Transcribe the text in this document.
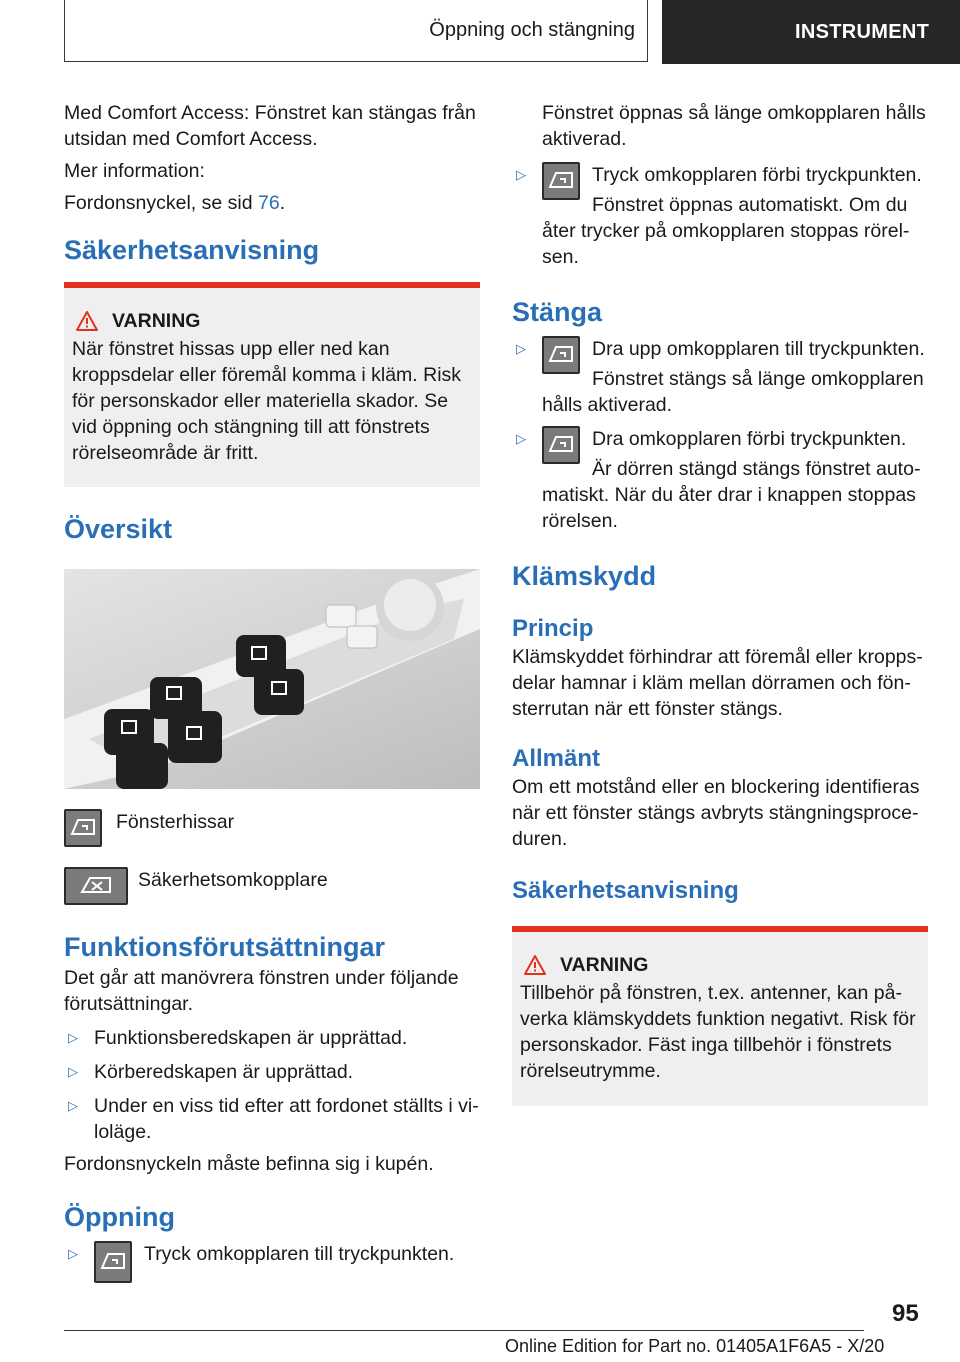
Öppning och stängning	INSTRUMENT

Med Comfort Access: Fönstret kan stängas från utsidan med Comfort Access.

Mer information:

Fordonsnyckel, se sid 76.

Säkerhetsanvisning
VARNING

När fönstret hissas upp eller ned kan kroppsdelar eller föremål komma i kläm. Risk för personskador eller materiella skador. Se vid öppning och stängning till att fönstrets rörelseområde är fritt.

Översikt

Fönsterhissar

Säkerhetsomkopplare

Funktionsförutsättningar

Det går att manövrera fönstren under följande förutsättningar.

▷ Funktionsberedskapen är upprättad.

▷ Körberedskapen är upprättad.

▷ Under en viss tid efter att fordonet ställts i viloläge.

Fordonsnyckeln måste befinna sig i kupén.

Öppning
▷	Tryck omkopplaren till tryckpunkten.

Fönstret öppnas så länge omkopplaren hålls aktiverad.

▷	Tryck omkopplaren förbi tryckpunkten.

Fönstret öppnas automatiskt. Om du åter trycker på omkopplaren stoppas rörelsen.

Stänga
▷	Dra upp omkopplaren till tryckpunkten.

Fönstret stängs så länge omkopplaren hålls aktiverad.

▷	Dra omkopplaren förbi tryckpunkten.

Är dörren stängd stängs fönstret automatiskt. När du åter drar i knappen stoppas rörelsen.

Klämskydd
Princip

Klämskyddet förhindrar att föremål eller kroppsdelar hamnar i kläm mellan dörramen och fönsterrutan när ett fönster stängs.

Allmänt

Om ett motstånd eller en blockering identifieras när ett fönster stängs avbryts stängningsproceduren.

Säkerhetsanvisning
VARNING

Tillbehör på fönstren, t.ex. antenner, kan påverka klämskyddets funktion negativt. Risk för personskador. Fäst inga tillbehör i fönstrets rörelseutrymme.

95
Online Edition for Part no. 01405A1F6A5 - X/20
